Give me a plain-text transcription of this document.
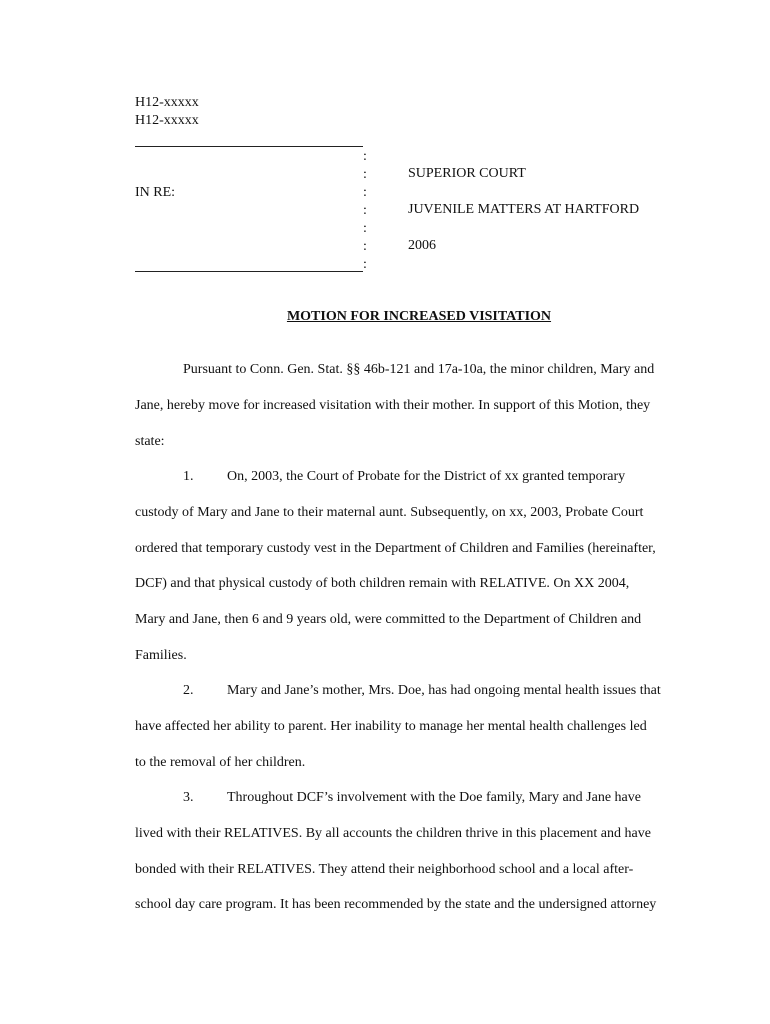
H12-xxxxx
H12-xxxxx
:
:
:
:
:
:
:
IN RE:
SUPERIOR COURT
JUVENILE MATTERS AT HARTFORD
2006
MOTION FOR INCREASED VISITATION
Pursuant to Conn. Gen. Stat. §§ 46b-121 and 17a-10a, the minor children, Mary and
Jane, hereby move for increased visitation with their mother. In support of this Motion, they
state:
1. On, 2003, the Court of Probate for the District of xx granted temporary
custody of Mary and Jane to their maternal aunt. Subsequently, on xx, 2003, Probate Court
ordered that temporary custody vest in the Department of Children and Families (hereinafter,
DCF) and that physical custody of both children remain with RELATIVE. On XX 2004,
Mary and Jane, then 6 and 9 years old, were committed to the Department of Children and
Families.
2. Mary and Jane’s mother, Mrs. Doe, has had ongoing mental health issues that
have affected her ability to parent. Her inability to manage her mental health challenges led
to the removal of her children.
3. Throughout DCF’s involvement with the Doe family, Mary and Jane have
lived with their RELATIVES. By all accounts the children thrive in this placement and have
bonded with their RELATIVES. They attend their neighborhood school and a local after-
school day care program. It has been recommended by the state and the undersigned attorney
